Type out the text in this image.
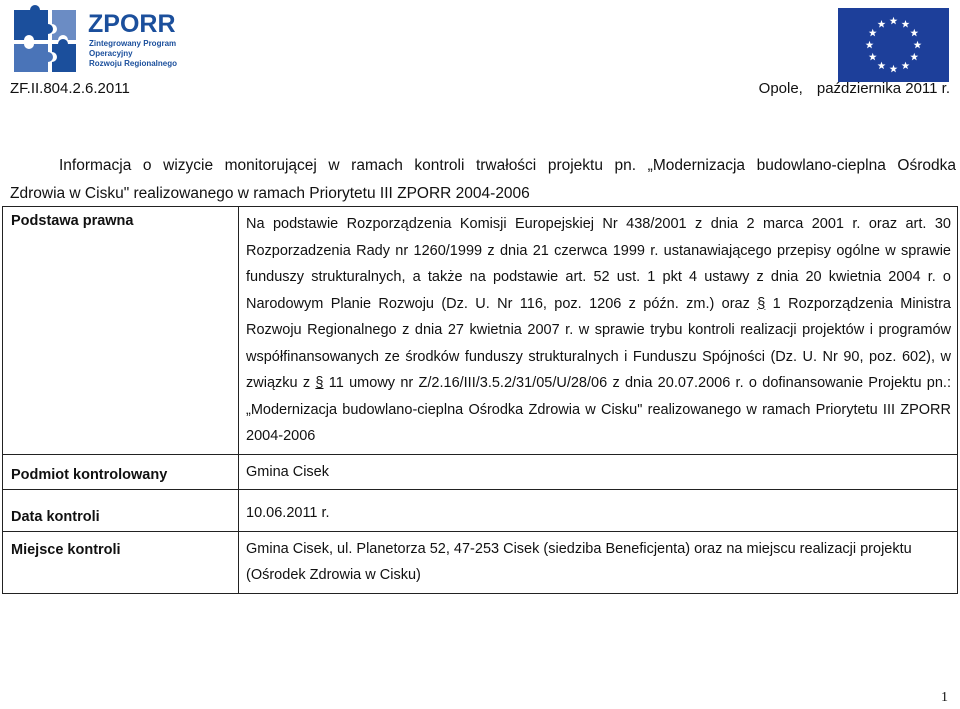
ZPORR
Zintegrowany Program
Operacyjny
Rozwoju Regionalnego
ZF.II.804.2.6.2011	Opole, października 2011 r.
Informacja o wizycie monitorującej w ramach kontroli trwałości projektu pn. „Modernizacja budowlano-cieplna Ośrodka
Zdrowia w Cisku" realizowanego w ramach Priorytetu III ZPORR 2004-2006
Podstawa prawna	Na podstawie Rozporządzenia Komisji Europejskiej Nr 438/2001 z dnia 2 marca 2001 r. oraz art. 30 Rozporzadzenia Rady nr 1260/1999 z dnia 21 czerwca 1999 r. ustanawiającego przepisy ogólne w sprawie funduszy strukturalnych, a także na podstawie art. 52 ust. 1 pkt 4 ustawy z dnia 20 kwietnia 2004 r. o Narodowym Planie Rozwoju (Dz. U. Nr 116, poz. 1206 z późn. zm.) oraz § 1 Rozporządzenia Ministra Rozwoju Regionalnego z dnia 27 kwietnia 2007 r. w sprawie trybu kontroli realizacji projektów i programów współfinansowanych ze środków funduszy strukturalnych i Funduszu Spójności (Dz. U. Nr 90, poz. 602), w związku z § 11 umowy nr Z/2.16/III/3.5.2/31/05/U/28/06 z dnia 20.07.2006 r. o dofinansowanie Projektu pn.: „Modernizacja budowlano-cieplna Ośrodka Zdrowia w Cisku" realizowanego w ramach Priorytetu III ZPORR 2004-2006

Podmiot kontrolowany	Gmina Cisek
Data kontroli	10.06.2011 r.
Miejsce kontroli	Gmina Cisek, ul. Planetorza 52, 47-253 Cisek (siedziba Beneficjenta) oraz na miejscu realizacji projektu (Ośrodek Zdrowia w Cisku)
1
